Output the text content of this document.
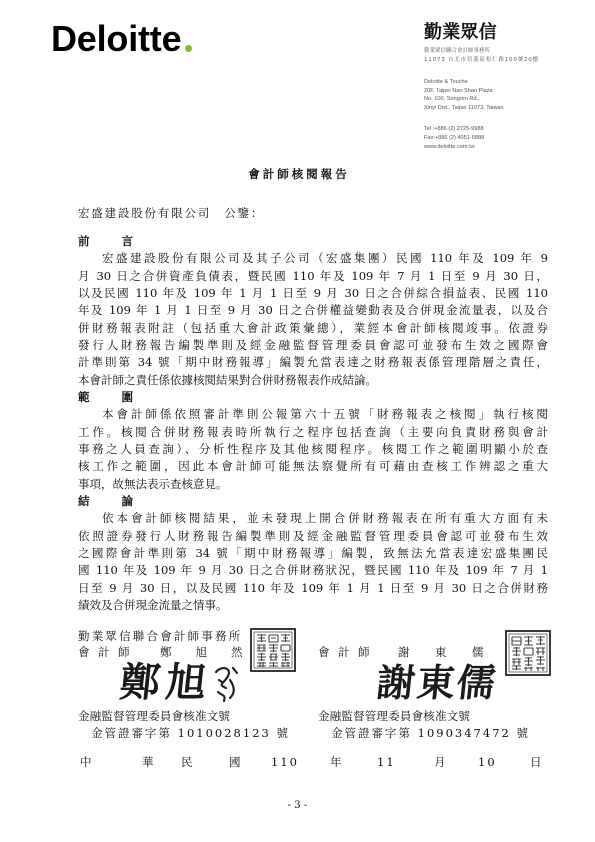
Deloitte	勤業眾信
勤業眾信聯合會計師事務所
11073 台北市信義區松仁路100號20樓
Deloitte & Touche
20F, Taipei Nan Shan Plaza
No. 100, Songren Rd.,
Xinyi Dist., Taipei 11073, Taiwan
Tel :+886 (2) 2725-9988
Fax:+886 (2) 4051-6888
www.deloitte.com.tw
會計師核閱報告
宏盛建設股份有限公司　公鑒：
前　　言
宏盛建設股份有限公司及其子公司（宏盛集團）民國 110 年及 109 年 9
月 30 日之合併資產負債表，暨民國 110 年及 109 年 7 月 1 日至 9 月 30 日，
以及民國 110 年及 109 年 1 月 1 日至 9 月 30 日之合併綜合損益表、民國 110
年及 109 年 1 月 1 日至 9 月 30 日之合併權益變動表及合併現金流量表，以及合
併財務報表附註（包括重大會計政策彙總），業經本會計師核閱竣事。依證券
發行人財務報告編製準則及經金融監督管理委員會認可並發布生效之國際會
計準則第 34 號「期中財務報導」編製允當表達之財務報表係管理階層之責任，
本會計師之責任係依據核閱結果對合併財務報表作成結論。
範　　圍
本會計師係依照審計準則公報第六十五號「財務報表之核閱」執行核閱
工作。核閱合併財務報表時所執行之程序包括查詢（主要向負責財務與會計
事務之人員查詢）、分析性程序及其他核閱程序。核閱工作之範圍明顯小於查
核工作之範圍，因此本會計師可能無法察覺所有可藉由查核工作辨認之重大
事項，故無法表示查核意見。
結　　論
依本會計師核閱結果，並未發現上開合併財務報表在所有重大方面有未
依照證券發行人財務報告編製準則及經金融監督管理委員會認可並發布生效
之國際會計準則第 34 號「期中財務報導」編製，致無法允當表達宏盛集團民
國 110 年及 109 年 9 月 30 日之合併財務狀況，暨民國 110 年及 109 年 7 月 1
日至 9 月 30 日，以及民國 110 年及 109 年 1 月 1 日至 9 月 30 日之合併財務
績效及合併現金流量之情事。
勤業眾信聯合會計師事務所
會計師 鄭旭然	會計師 謝東儒
鄭旭	謝東儒
金融監督管理委員會核准文號
金管證審字第 1010028123 號
金融監督管理委員會核准文號
金管證審字第 1090347472 號
中	華 民	國	110	年	11	月	10	日
- 3 -
